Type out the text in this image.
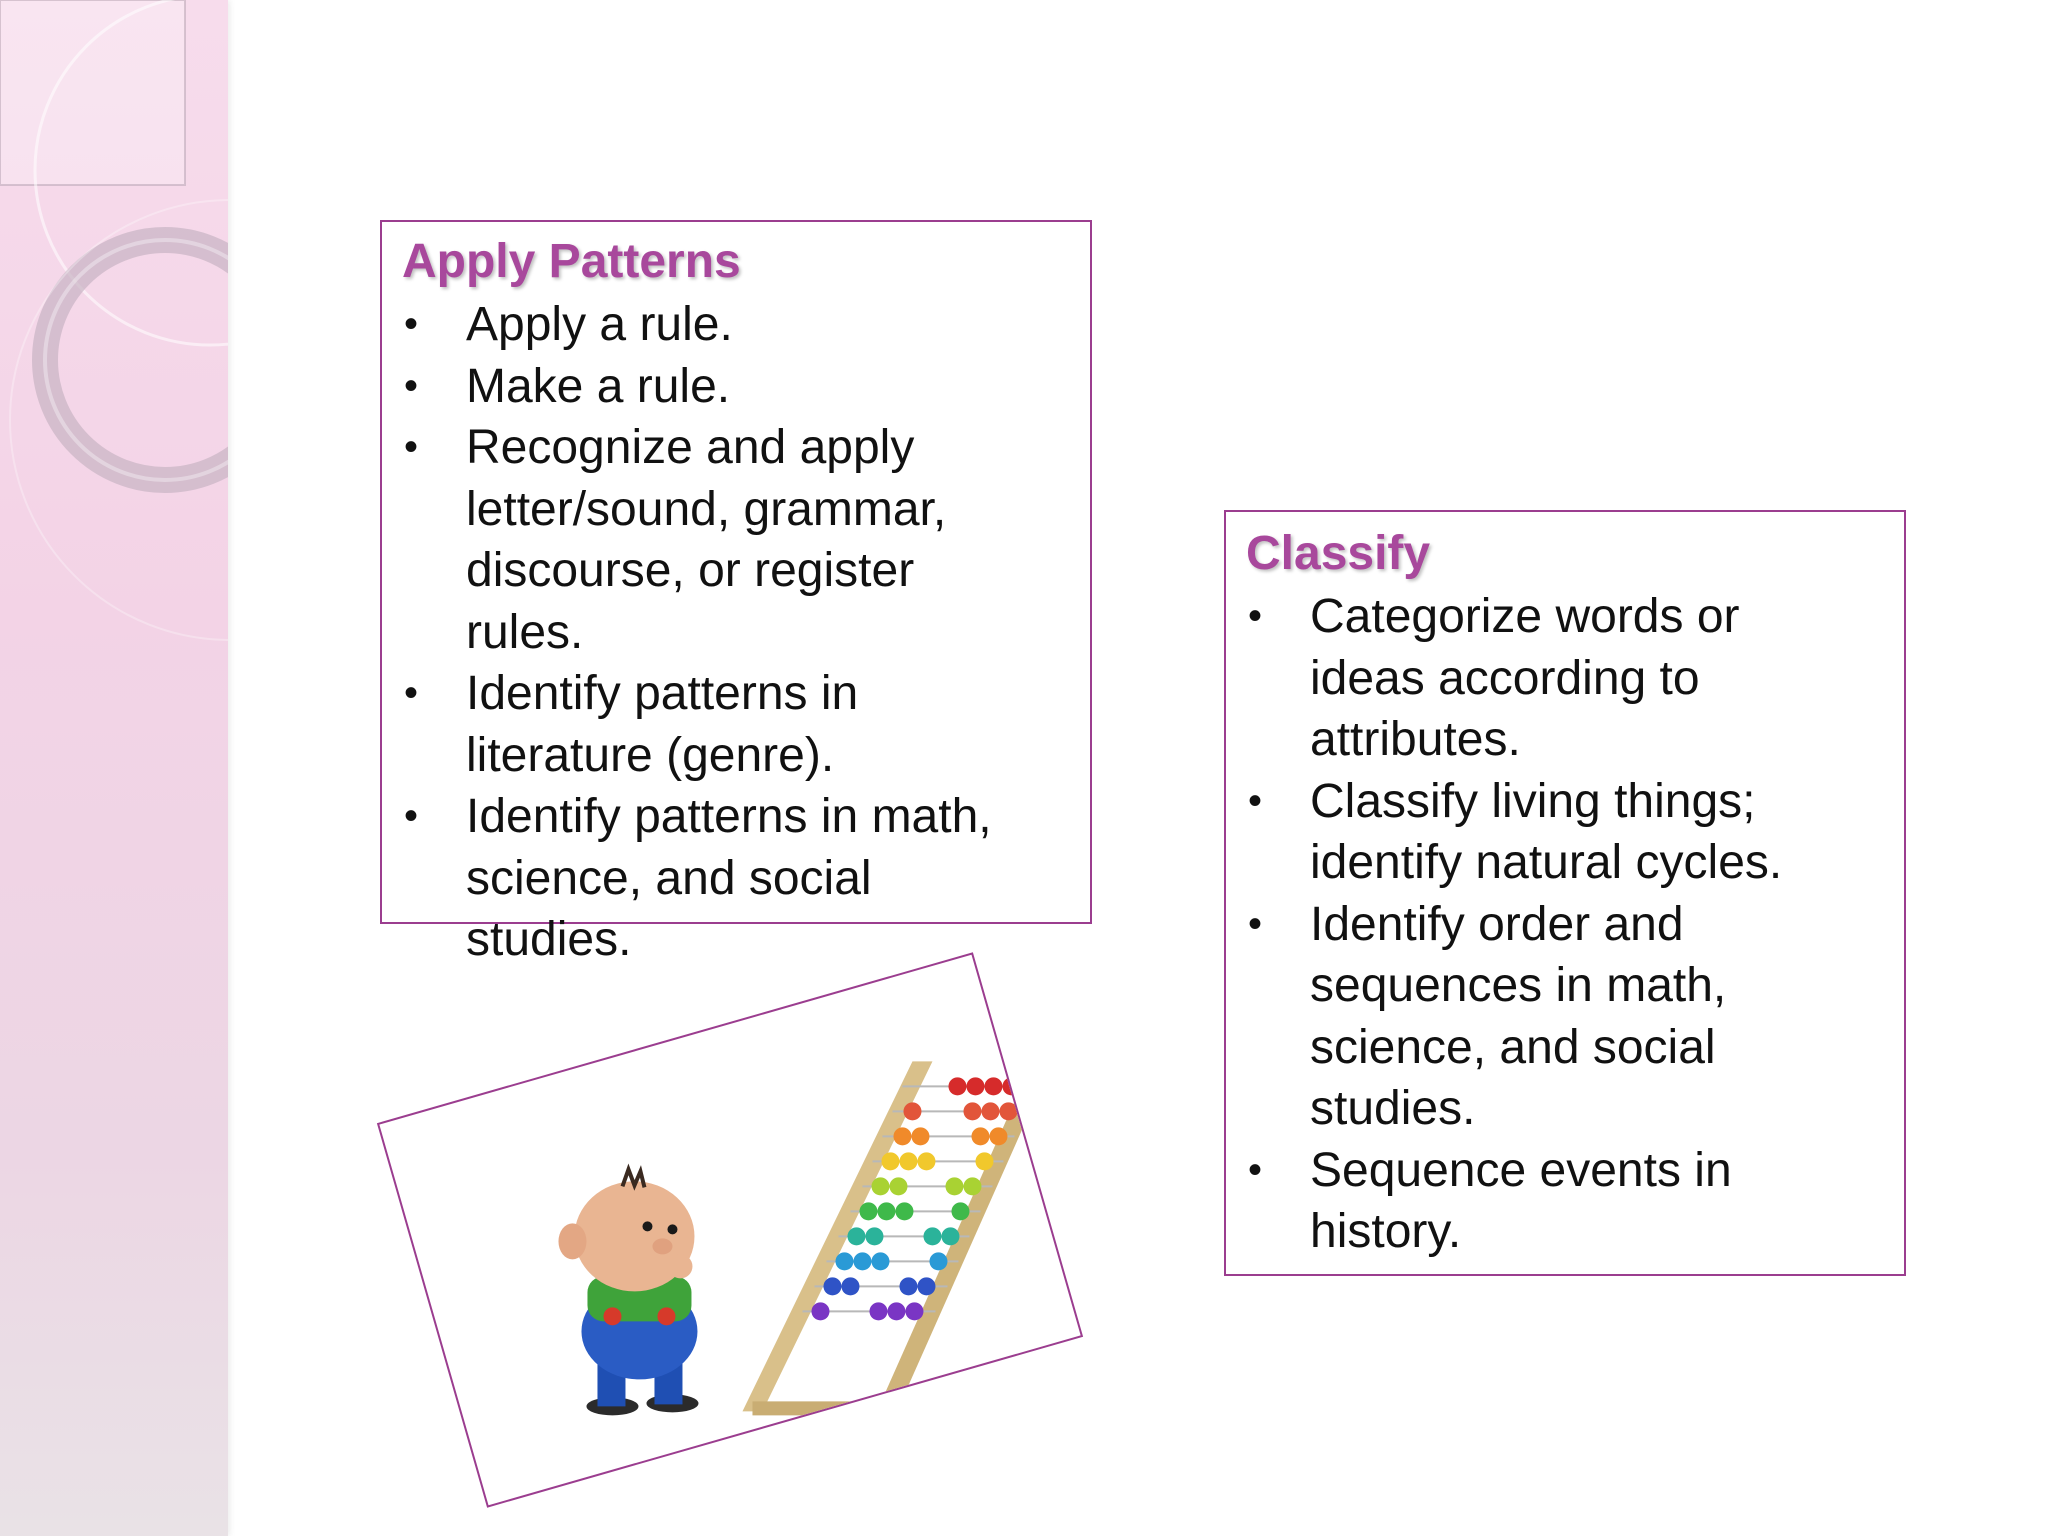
Apply Patterns
• Apply a rule.
• Make a rule.
• Recognize and apply letter/sound, grammar, discourse, or register rules.
• Identify patterns in literature (genre).
• Identify patterns in math, science, and social studies.
Classify
• Categorize words or ideas according to attributes.
• Classify living things; identify natural cycles.
• Identify order and sequences in math, science, and social studies.
• Sequence events in history.
